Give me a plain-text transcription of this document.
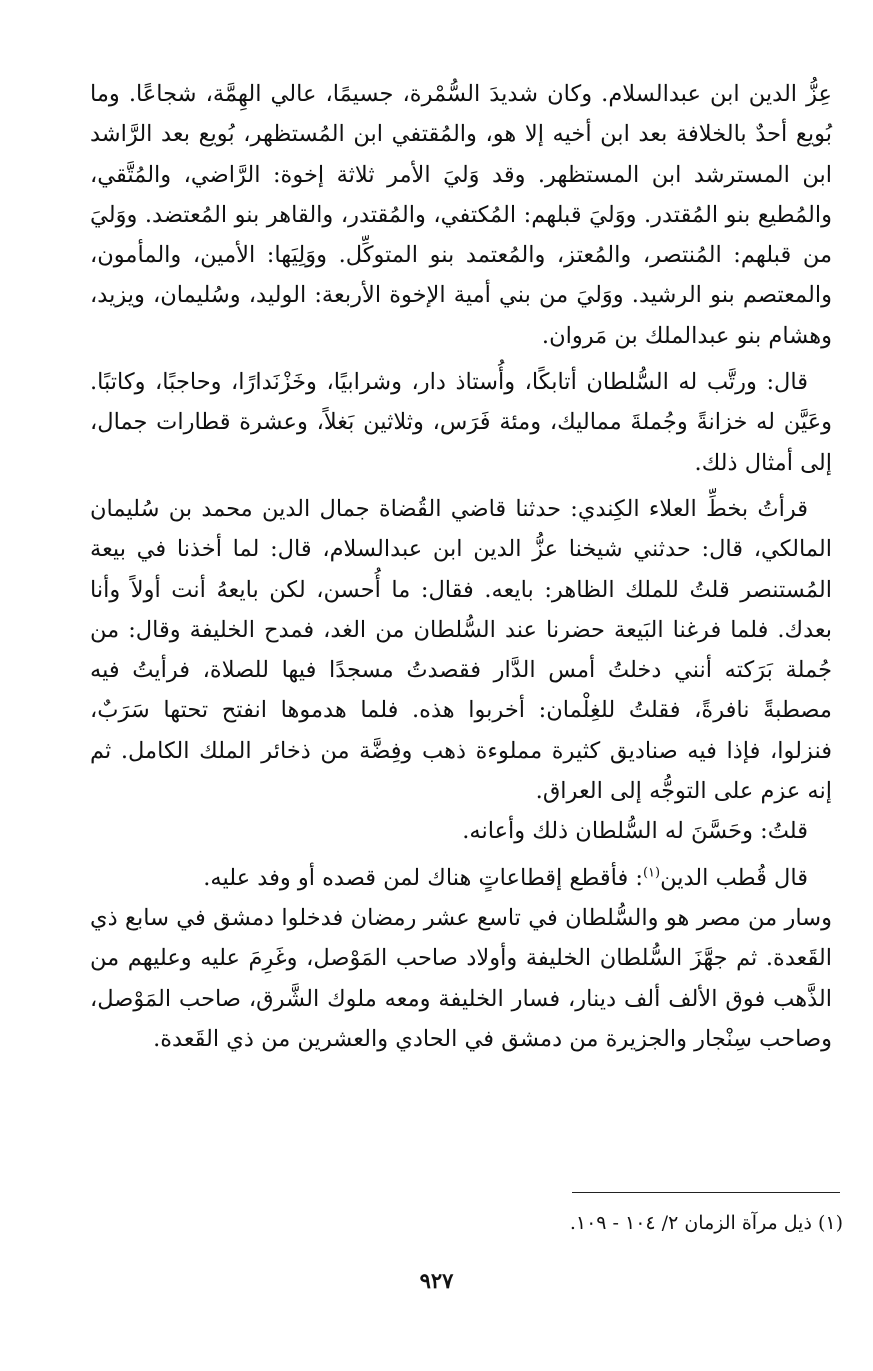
عِزُّ الدين ابن عبدالسلام. وكان شديدَ السُّمْرة، جسيمًا، عالي الهِمَّة، شجاعًا. وما بُويع أحدٌ بالخلافة بعد ابن أخيه إلا هو، والمُقتفي ابن المُستظهر، بُويع بعد الرَّاشد ابن المسترشد ابن المستظهر. وقد وَليَ الأمر ثلاثة إخوة: الرَّاضي، والمُتَّقي، والمُطيع بنو المُقتدر. ووَليَ قبلهم: المُكتفي، والمُقتدر، والقاهر بنو المُعتضد. ووَليَ من قبلهم: المُنتصر، والمُعتز، والمُعتمد بنو المتوكِّل. ووَلِيَها: الأمين، والمأمون، والمعتصم بنو الرشيد. ووَليَ من بني أمية الإخوة الأربعة: الوليد، وسُليمان، ويزيد، وهشام بنو عبدالملك بن مَروان.

قال: ورتَّب له السُّلطان أتابكًا، وأُستاذ دار، وشرابيًا، وخَزْنَدارًا، وحاجبًا، وكاتبًا. وعَيَّن له خزانةً وجُملةَ مماليك، ومئة فَرَس، وثلاثين بَغلاً، وعشرة قطارات جمال، إلى أمثال ذلك.

قرأتُ بخطِّ العلاء الكِندي: حدثنا قاضي القُضاة جمال الدين محمد بن سُليمان المالكي، قال: حدثني شيخنا عزُّ الدين ابن عبدالسلام، قال: لما أخذنا في بيعة المُستنصر قلتُ للملك الظاهر: بايعه. فقال: ما أُحسن، لكن بايعهُ أنت أولاً وأنا بعدك. فلما فرغنا البَيعة حضرنا عند السُّلطان من الغد، فمدح الخليفة وقال: من جُملة بَرَكته أنني دخلتُ أمس الدَّار فقصدتُ مسجدًا فيها للصلاة، فرأيتُ فيه مصطبةً نافرةً، فقلتُ للغِلْمان: أخربوا هذه. فلما هدموها انفتح تحتها سَرَبٌ، فنزلوا، فإذا فيه صناديق كثيرة مملوءة ذهب وفِضَّة من ذخائر الملك الكامل. ثم إنه عزم على التوجُّه إلى العراق.

قلتُ: وحَسَّنَ له السُّلطان ذلك وأعانه.

قال قُطب الدين$^{(١)}$: فأقطع إقطاعاتٍ هناك لمن قصده أو وفد عليه.

وسار من مصر هو والسُّلطان في تاسع عشر رمضان فدخلوا دمشق في سابع ذي القَعدة. ثم جهَّزَ السُّلطان الخليفة وأولاد صاحب المَوْصل، وغَرِمَ عليه وعليهم من الذَّهب فوق الألف ألف دينار، فسار الخليفة ومعه ملوك الشَّرق، صاحب المَوْصل، وصاحب سِنْجار والجزيرة من دمشق في الحادي والعشرين من ذي القَعدة.

(١) ذيل مرآة الزمان ٢/ ١٠٤ - ١٠٩.
٩٢٧
